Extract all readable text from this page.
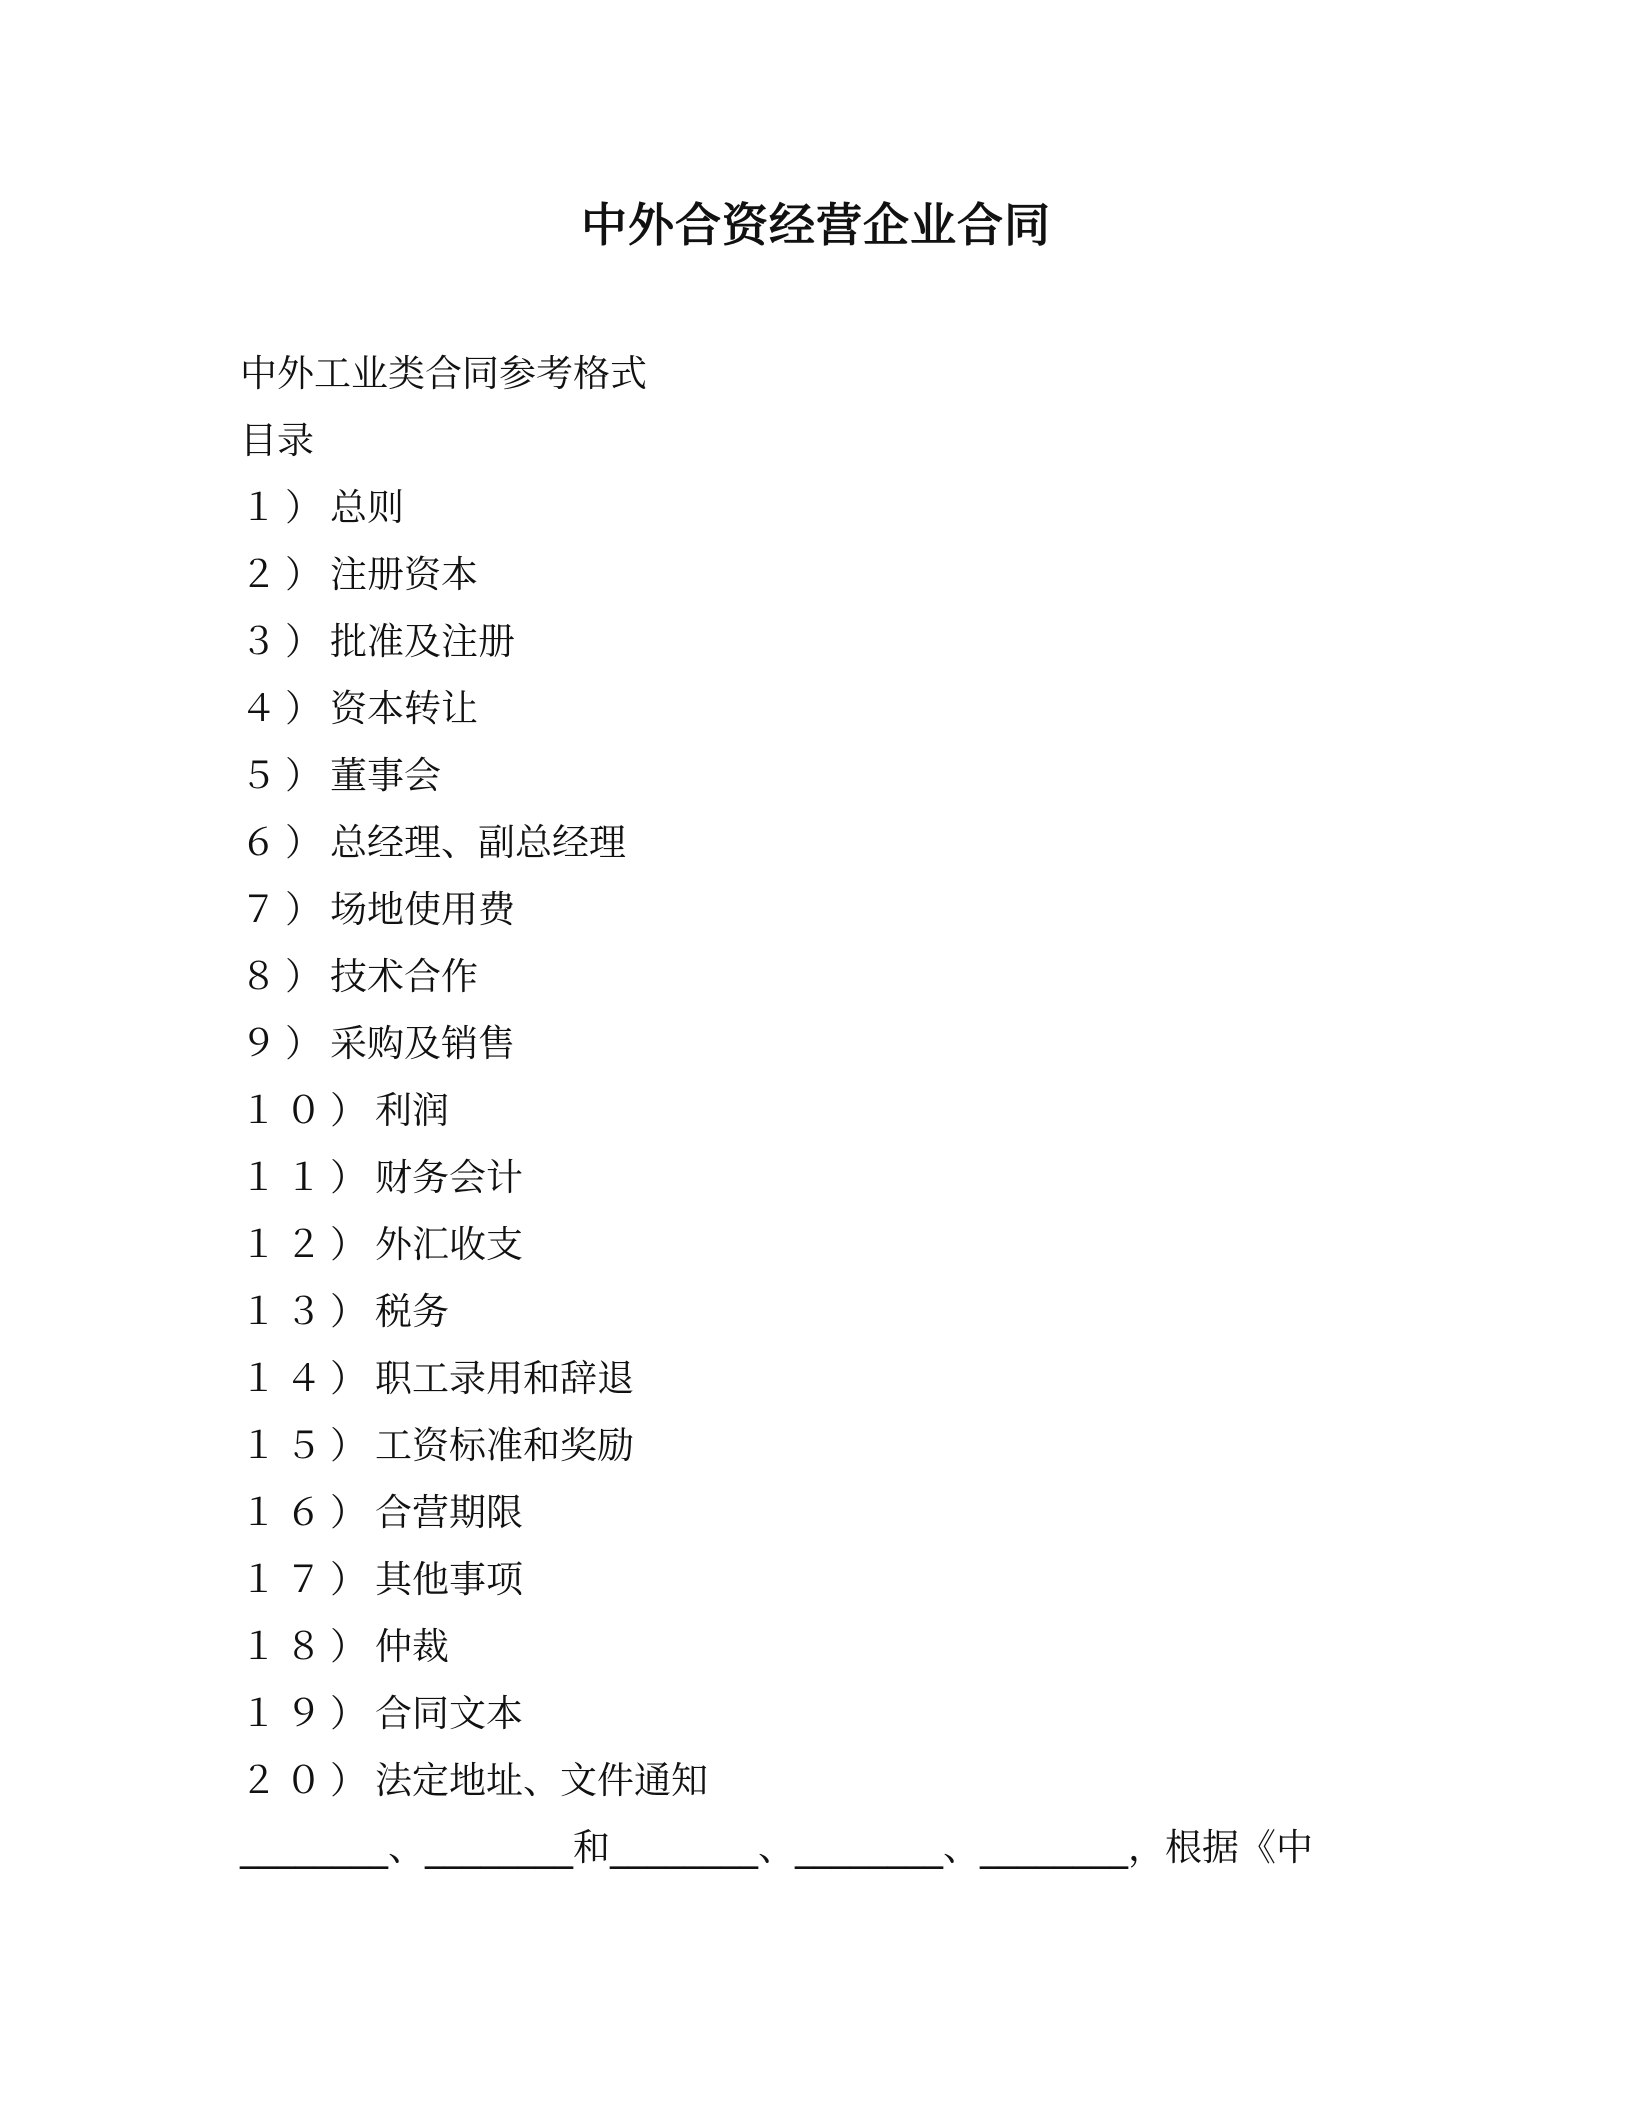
中外合资经营企业合同

中外工业类合同参考格式

目录

１）总则
２）注册资本
３）批准及注册
４）资本转让
５）董事会
６）总经理、副总经理
７）场地使用费
８）技术合作
９）采购及销售
１０）利润
１１）财务会计
１２）外汇收支
１３）税务
１４）职工录用和辞退
１５）工资标准和奖励
１６）合营期限
１７）其他事项
１８）仲裁
１９）合同文本
２０）法定地址、文件通知

________、________和________、________、________，根据《中
